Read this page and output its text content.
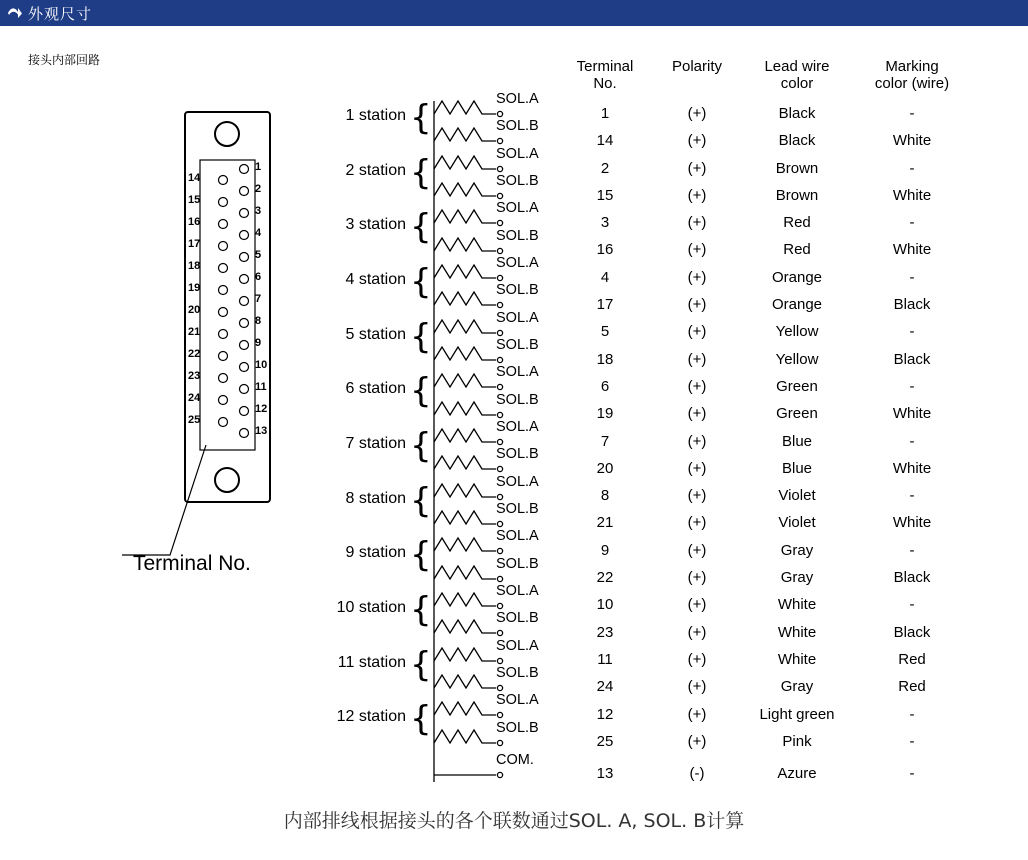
外观尺寸
接头内部回路
14
15
16
17
18
19
20
21
22
23
24
25
1
2
3
4
5
6
7
8
9
10
11
12
13
Terminal No.
SOL.A
SOL.B
SOL.A
SOL.B
SOL.A
SOL.B
SOL.A
SOL.B
SOL.A
SOL.B
SOL.A
SOL.B
SOL.A
SOL.B
SOL.A
SOL.B
SOL.A
SOL.B
SOL.A
SOL.B
SOL.A
SOL.B
SOL.A
SOL.B
COM.
{
1 station
{
2 station
{
3 station
{
4 station
{
5 station
{
6 station
{
7 station
{
8 station
{
9 station
{
10 station
{
11 station
{
12 station
Terminal
No.
Polarity	Lead wire
color
Marking
color (wire)
1	(+)	Black	-
14	(+)	Black	White
2	(+)	Brown	-
15	(+)	Brown	White
3	(+)	Red	-
16	(+)	Red	White
4	(+)	Orange	-
17	(+)	Orange	Black
5	(+)	Yellow	-
18	(+)	Yellow	Black
6	(+)	Green	-
19	(+)	Green	White
7	(+)	Blue	-
20	(+)	Blue	White
8	(+)	Violet	-
21	(+)	Violet	White
9	(+)	Gray	-
22	(+)	Gray	Black
10	(+)	White	-
23	(+)	White	Black
11	(+)	White	Red
24	(+)	Gray	Red
12	(+)	Light green	-
25	(+)	Pink	-
13	(-)	Azure	-
内部排线根据接头的各个联数通过SOL. A, SOL. B计算
